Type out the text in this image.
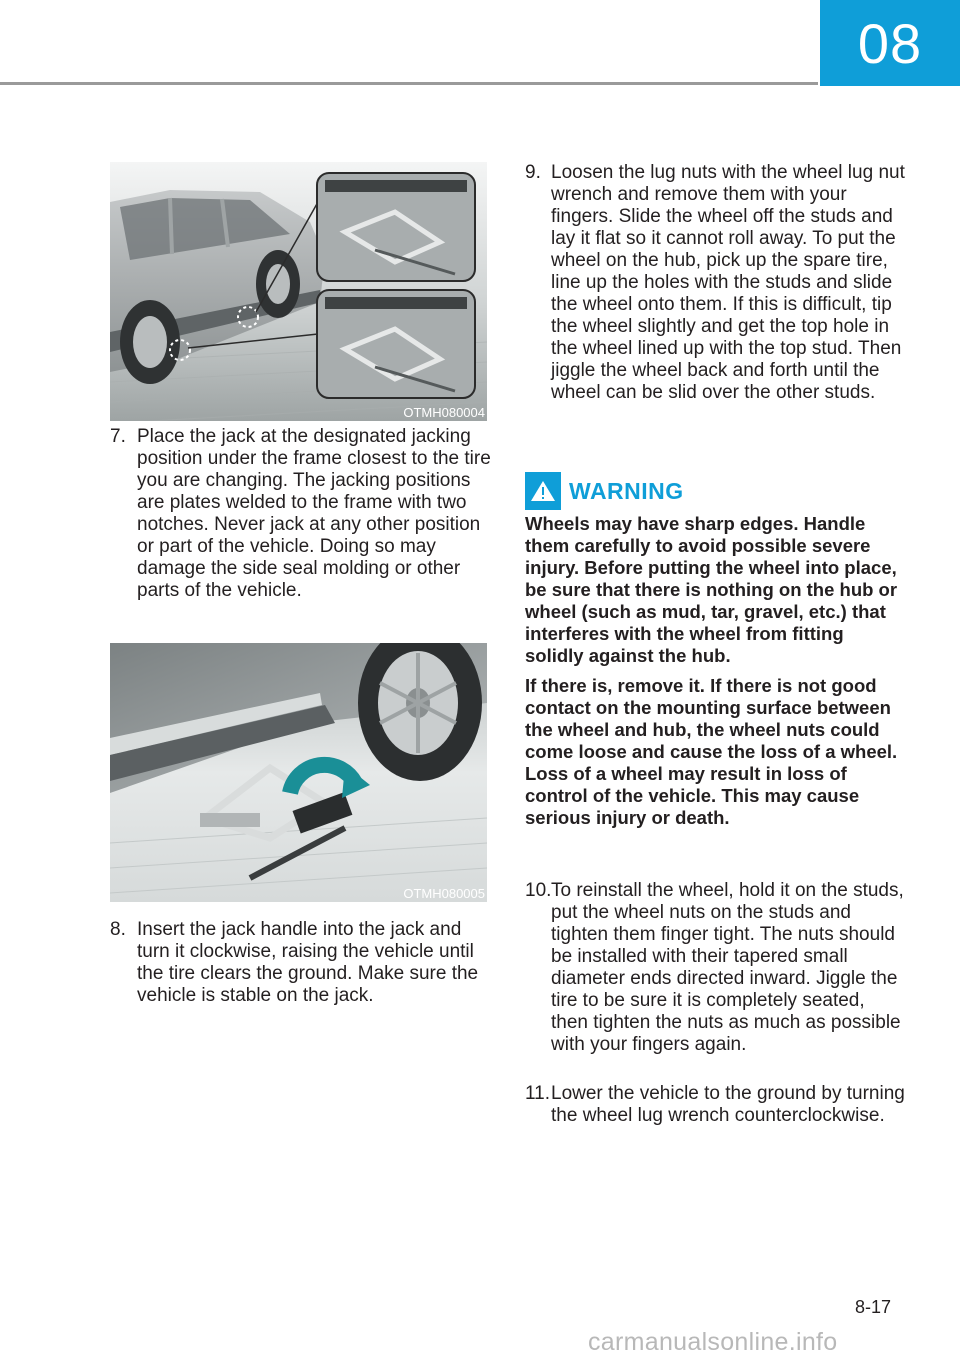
08
OTMH080004
7. Place the jack at the designated jacking position under the frame closest to the tire you are changing. The jacking positions are plates welded to the frame with two notches. Never jack at any other position or part of the vehicle. Doing so may damage the side seal molding or other parts of the vehicle.
OTMH080005
8. Insert the jack handle into the jack and turn it clockwise, raising the vehicle until the tire clears the ground. Make sure the vehicle is stable on the jack.
9. Loosen the lug nuts with the wheel lug nut wrench and remove them with your fingers. Slide the wheel off the studs and lay it flat so it cannot roll away. To put the wheel on the hub, pick up the spare tire, line up the holes with the studs and slide the wheel onto them. If this is difficult, tip the wheel slightly and get the top hole in the wheel lined up with the top stud. Then jiggle the wheel back and forth until the wheel can be slid over the other studs.
WARNING

Wheels may have sharp edges. Handle them carefully to avoid possible severe injury. Before putting the wheel into place, be sure that there is nothing on the hub or wheel (such as mud, tar, gravel, etc.) that interferes with the wheel from fitting solidly against the hub.

If there is, remove it. If there is not good contact on the mounting surface between the wheel and hub, the wheel nuts could come loose and cause the loss of a wheel. Loss of a wheel may result in loss of control of the vehicle. This may cause serious injury or death.

10. To reinstall the wheel, hold it on the studs, put the wheel nuts on the studs and tighten them finger tight. The nuts should be installed with their tapered small diameter ends directed inward. Jiggle the tire to be sure it is completely seated, then tighten the nuts as much as possible with your fingers again.
11. Lower the vehicle to the ground by turning the wheel lug wrench counterclockwise.
8-17
carmanualsonline.info
